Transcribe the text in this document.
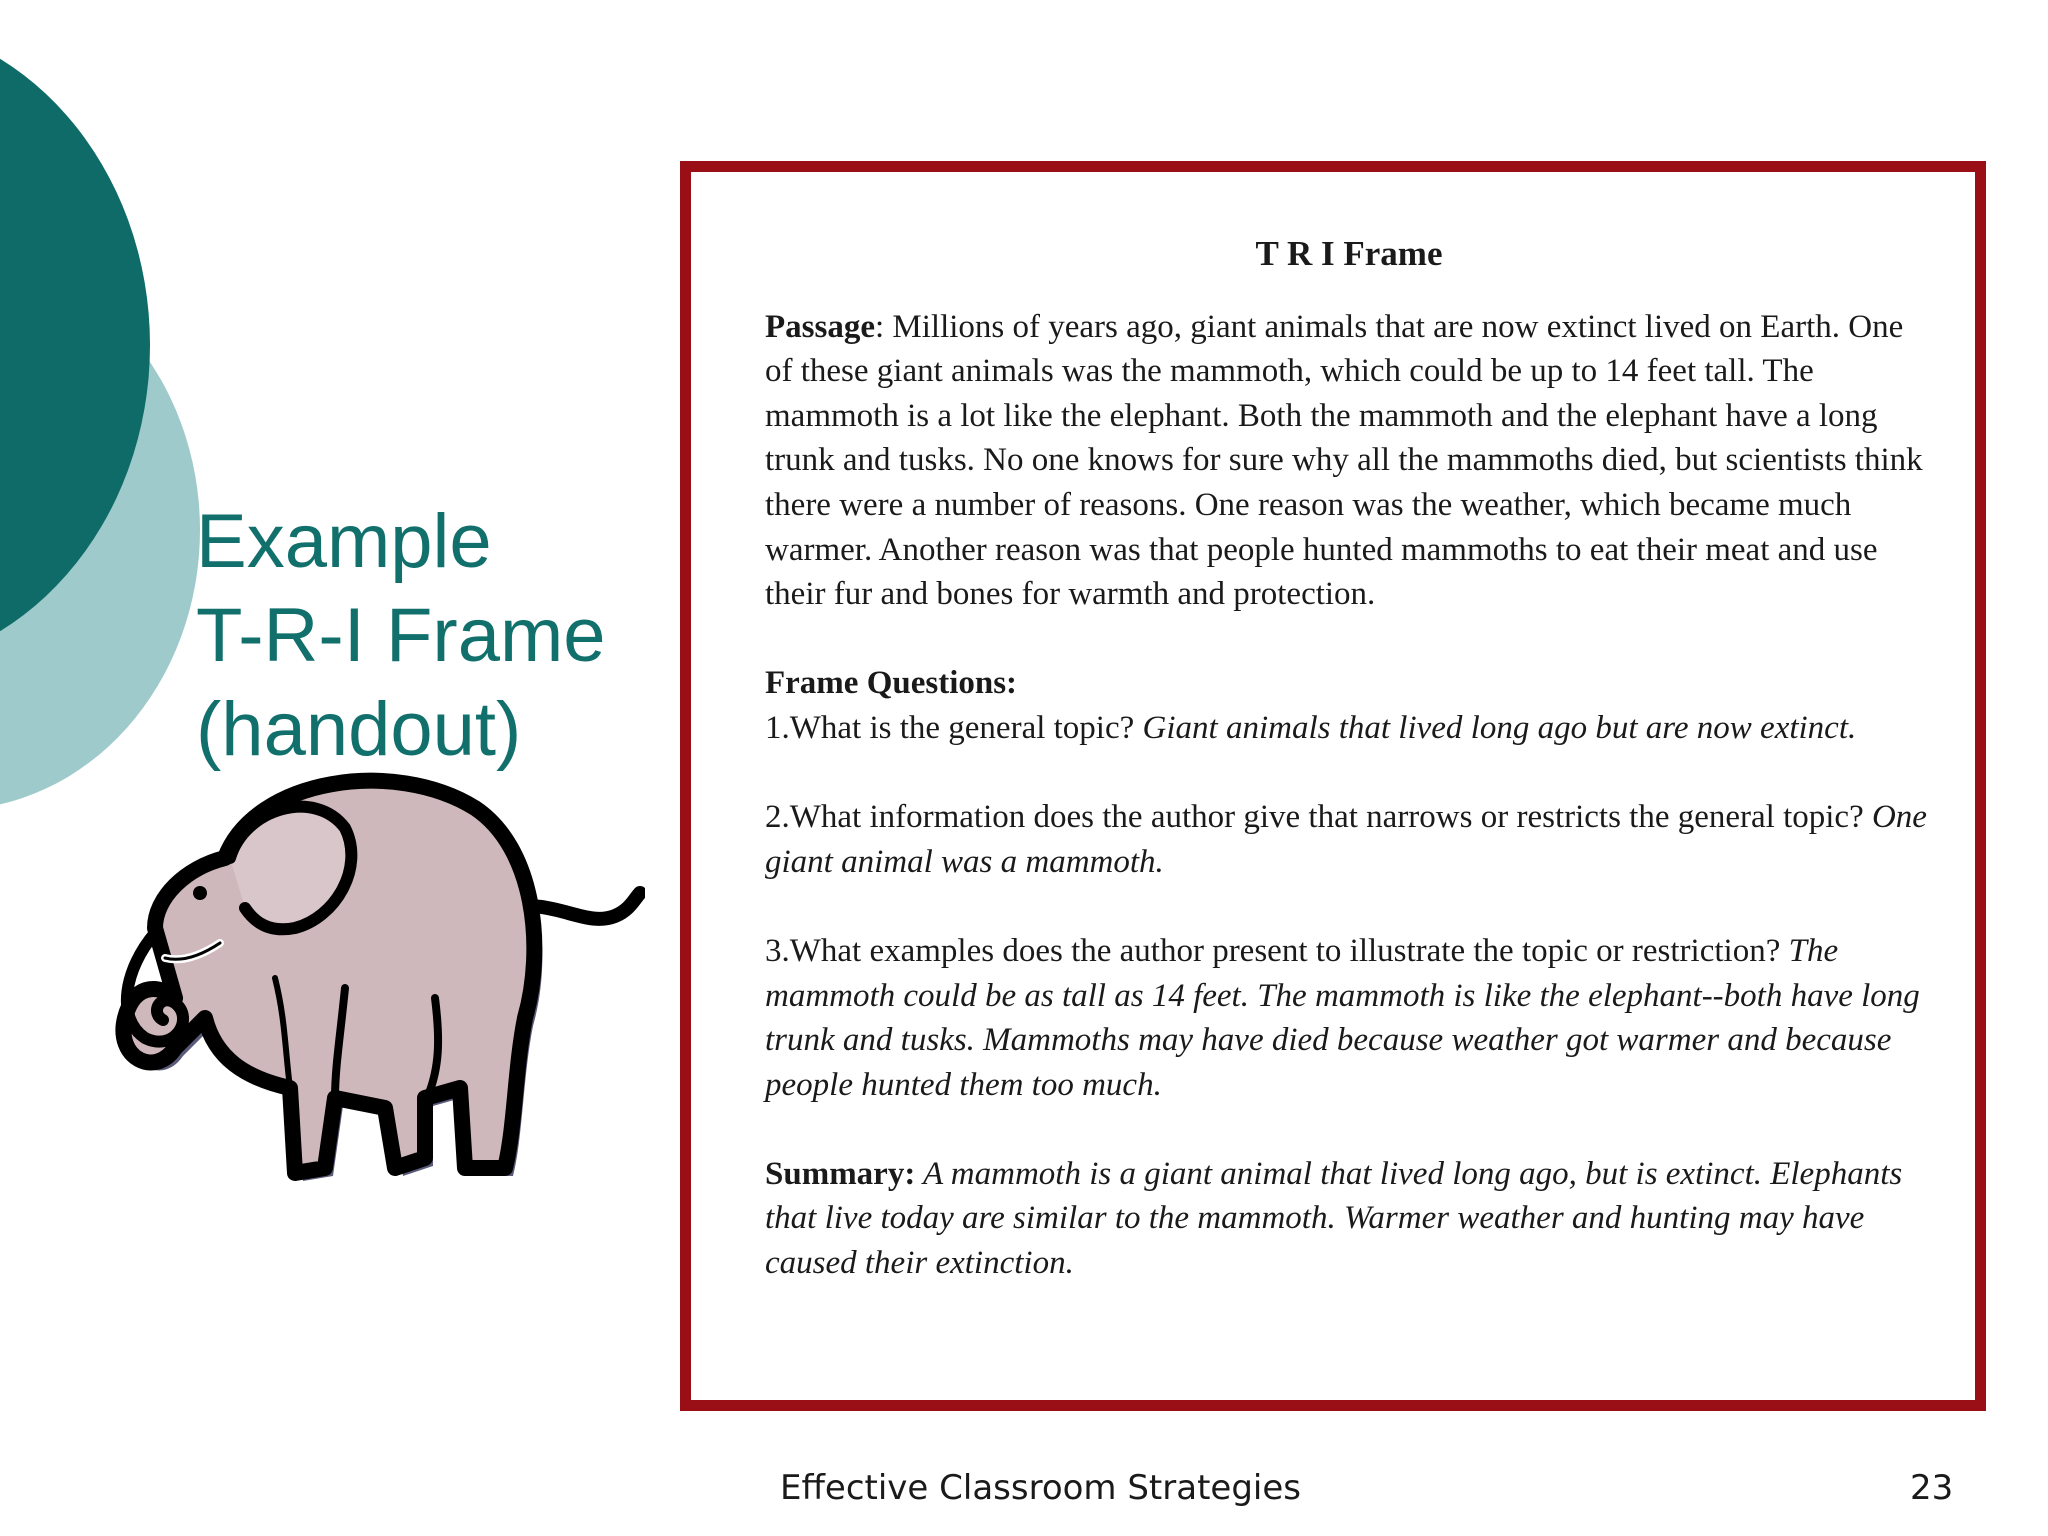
Example
T-R-I Frame
(handout)
T R I Frame

Passage: Millions of years ago, giant animals that are now extinct lived on Earth. One of these giant animals was the mammoth, which could be up to 14 feet tall. The mammoth is a lot like the elephant. Both the mammoth and the elephant have a long trunk and tusks. No one knows for sure why all the mammoths died, but scientists think there were a number of reasons. One reason was the weather, which became much warmer. Another reason was that people hunted mammoths to eat their meat and use their fur and bones for warmth and protection.

Frame Questions:
1.What is the general topic? Giant animals that lived long ago but are now extinct.

2.What information does the author give that narrows or restricts the general topic? One giant animal was a mammoth.

3.What examples does the author present to illustrate the topic or restriction? The mammoth could be as tall as 14 feet. The mammoth is like the elephant--both have long trunk and tusks. Mammoths may have died because weather got warmer and because people hunted them too much.

Summary: A mammoth is a giant animal that lived long ago, but is extinct. Elephants that live today are similar to the mammoth. Warmer weather and hunting may have caused their extinction.

Effective Classroom Strategies	23
